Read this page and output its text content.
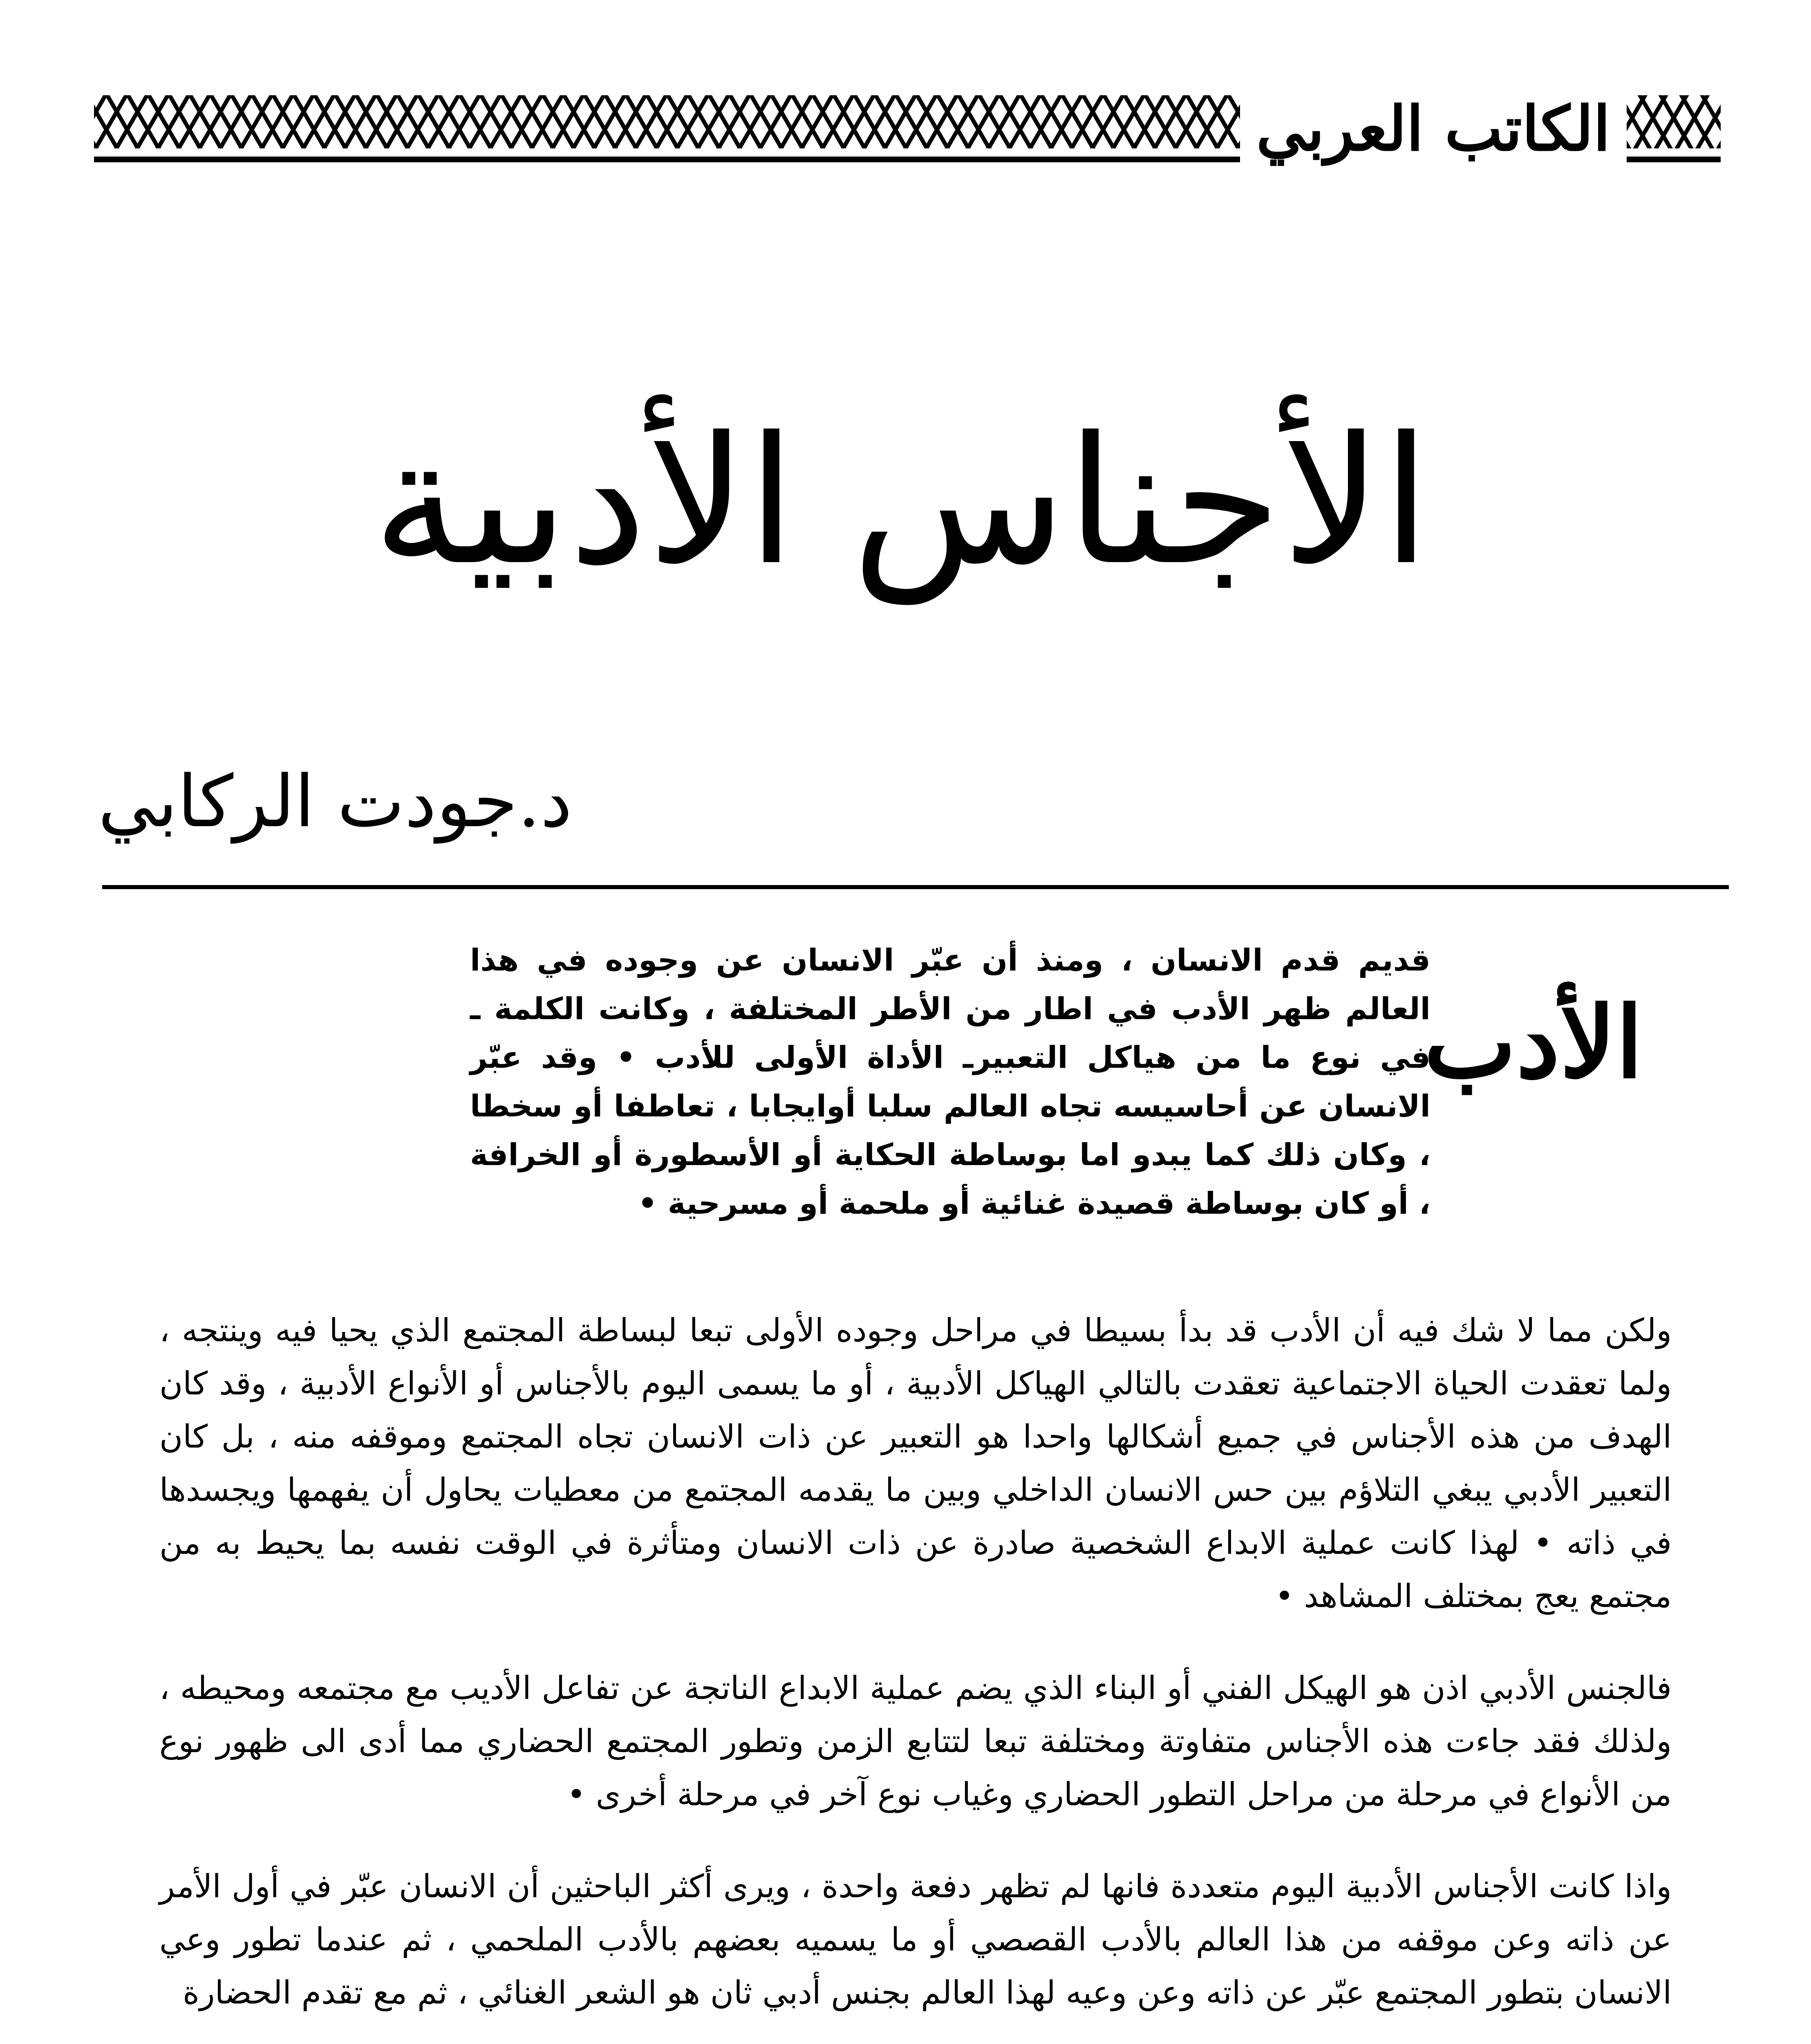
الكاتب العربي
الأجناس الأدبية
د.جودت الركابي
الأدب
قديم قدم الانسان ، ومنذ أن عبّر الانسان عن وجوده في هذا العالم ظهر الأدب في اطار من الأطر المختلفة ، وكانت الكلمة ـ في نوع ما من هياكل التعبيرـ الأداة الأولى للأدب • وقد عبّر الانسان عن أحاسيسه تجاه العالم سلبا أوايجابا ، تعاطفا أو سخطا ، وكان ذلك كما يبدو اما بوساطة الحكاية أو الأسطورة أو الخرافة ، أو كان بوساطة قصيدة غنائية أو ملحمة أو مسرحية •

ولكن مما لا شك فيه أن الأدب قد بدأ بسيطا في مراحل وجوده الأولى تبعا لبساطة المجتمع الذي يحيا فيه وينتجه ، ولما تعقدت الحياة الاجتماعية تعقدت بالتالي الهياكل الأدبية ، أو ما يسمى اليوم بالأجناس أو الأنواع الأدبية ، وقد كان الهدف من هذه الأجناس في جميع أشكالها واحدا هو التعبير عن ذات الانسان تجاه المجتمع وموقفه منه ، بل كان التعبير الأدبي يبغي التلاؤم بين حس الانسان الداخلي وبين ما يقدمه المجتمع من معطيات يحاول أن يفهمها ويجسدها في ذاته • لهذا كانت عملية الابداع الشخصية صادرة عن ذات الانسان ومتأثرة في الوقت نفسه بما يحيط به من مجتمع يعج بمختلف المشاهد •

فالجنس الأدبي اذن هو الهيكل الفني أو البناء الذي يضم عملية الابداع الناتجة عن تفاعل الأديب مع مجتمعه ومحيطه ، ولذلك فقد جاءت هذه الأجناس متفاوتة ومختلفة تبعا لتتابع الزمن وتطور المجتمع الحضاري مما أدى الى ظهور نوع من الأنواع في مرحلة من مراحل التطور الحضاري وغياب نوع آخر في مرحلة أخرى •

واذا كانت الأجناس الأدبية اليوم متعددة فانها لم تظهر دفعة واحدة ، ويرى أكثر الباحثين أن الانسان عبّر في أول الأمر عن ذاته وعن موقفه من هذا العالم بالأدب القصصي أو ما يسميه بعضهم بالأدب الملحمي ، ثم عندما تطور وعي الانسان بتطور المجتمع عبّر عن ذاته وعن وعيه لهذا العالم بجنس أدبي ثان هو الشعر الغنائي ، ثم مع تقدم الحضارة
